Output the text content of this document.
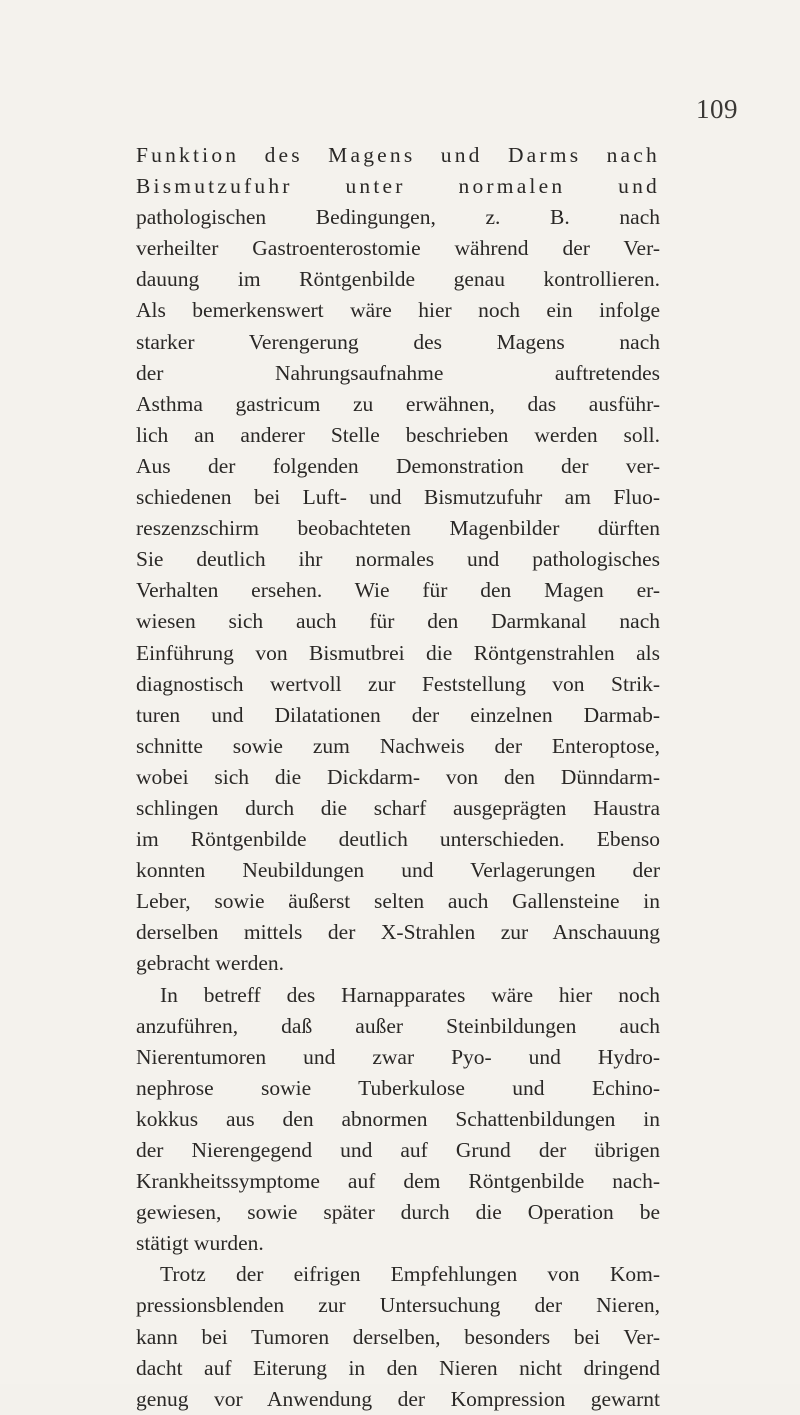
109
Funktion des Magens und Darms nach
Bismutzufuhr unter normalen und
pathologischen Bedingungen, z. B. nach
verheilter Gastroenterostomie während der Ver-
dauung im Röntgenbilde genau kontrollieren.
Als bemerkenswert wäre hier noch ein infolge
starker Verengerung des Magens nach
der Nahrungsaufnahme auftretendes
Asthma gastricum zu erwähnen, das ausführ-
lich an anderer Stelle beschrieben werden soll.
Aus der folgenden Demonstration der ver-
schiedenen bei Luft- und Bismutzufuhr am Fluo-
reszenzschirm beobachteten Magenbilder dürften
Sie deutlich ihr normales und pathologisches
Verhalten ersehen. Wie für den Magen er-
wiesen sich auch für den Darmkanal nach
Einführung von Bismutbrei die Röntgenstrahlen als
diagnostisch wertvoll zur Feststellung von Strik-
turen und Dilatationen der einzelnen Darmab-
schnitte sowie zum Nachweis der Enteroptose,
wobei sich die Dickdarm- von den Dünndarm-
schlingen durch die scharf ausgeprägten Haustra
im Röntgenbilde deutlich unterschieden. Ebenso
konnten Neubildungen und Verlagerungen der
Leber, sowie äußerst selten auch Gallensteine in
derselben mittels der X-Strahlen zur Anschauung
gebracht werden.
In betreff des Harnapparates wäre hier noch
anzuführen, daß außer Steinbildungen auch
Nierentumoren und zwar Pyo- und Hydro-
nephrose sowie Tuberkulose und Echino-
kokkus aus den abnormen Schattenbildungen in
der Nierengegend und auf Grund der übrigen
Krankheitssymptome auf dem Röntgenbilde nach-
gewiesen, sowie später durch die Operation be
stätigt wurden.
Trotz der eifrigen Empfehlungen von Kom-
pressionsblenden zur Untersuchung der Nieren,
kann bei Tumoren derselben, besonders bei Ver-
dacht auf Eiterung in den Nieren nicht dringend
genug vor Anwendung der Kompression gewarnt
